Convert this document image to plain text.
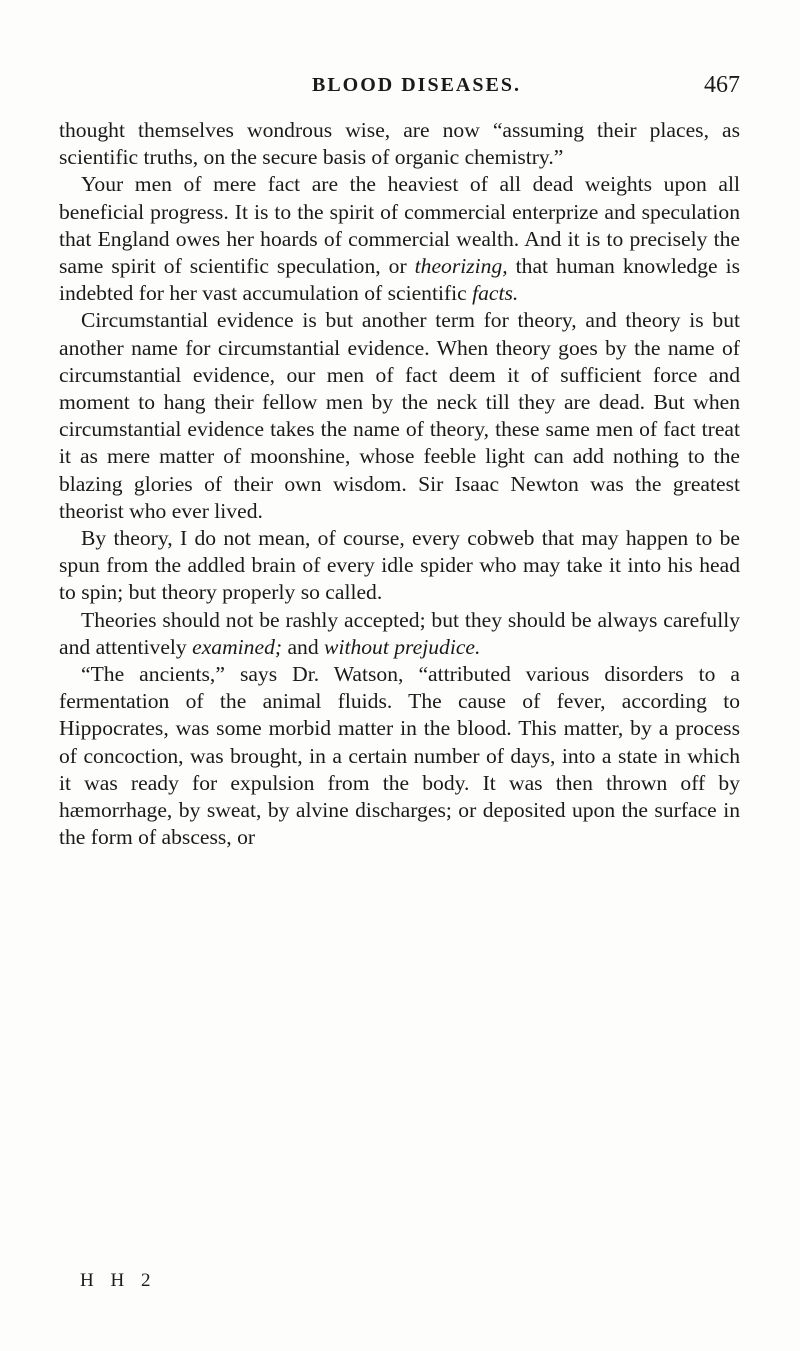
BLOOD DISEASES.	467

thought themselves wondrous wise, are now “assuming their places, as scientific truths, on the secure basis of organic chemistry.”

Your men of mere fact are the heaviest of all dead weights upon all beneficial progress. It is to the spirit of commercial enterprize and speculation that England owes her hoards of commercial wealth. And it is to precisely the same spirit of scientific speculation, or theorizing, that human knowledge is indebted for her vast accumulation of scientific facts.

Circumstantial evidence is but another term for theory, and theory is but another name for circumstantial evidence. When theory goes by the name of circumstantial evidence, our men of fact deem it of sufficient force and moment to hang their fellow men by the neck till they are dead. But when circumstantial evidence takes the name of theory, these same men of fact treat it as mere matter of moonshine, whose feeble light can add nothing to the blazing glories of their own wisdom. Sir Isaac Newton was the greatest theorist who ever lived.

By theory, I do not mean, of course, every cobweb that may happen to be spun from the addled brain of every idle spider who may take it into his head to spin; but theory properly so called.

Theories should not be rashly accepted; but they should be always carefully and attentively examined; and without prejudice.

“The ancients,” says Dr. Watson, “attributed various disorders to a fermentation of the animal fluids. The cause of fever, according to Hippocrates, was some morbid matter in the blood. This matter, by a process of concoction, was brought, in a certain number of days, into a state in which it was ready for expulsion from the body. It was then thrown off by hæmorrhage, by sweat, by alvine discharges; or deposited upon the surface in the form of abscess, or

H H 2
